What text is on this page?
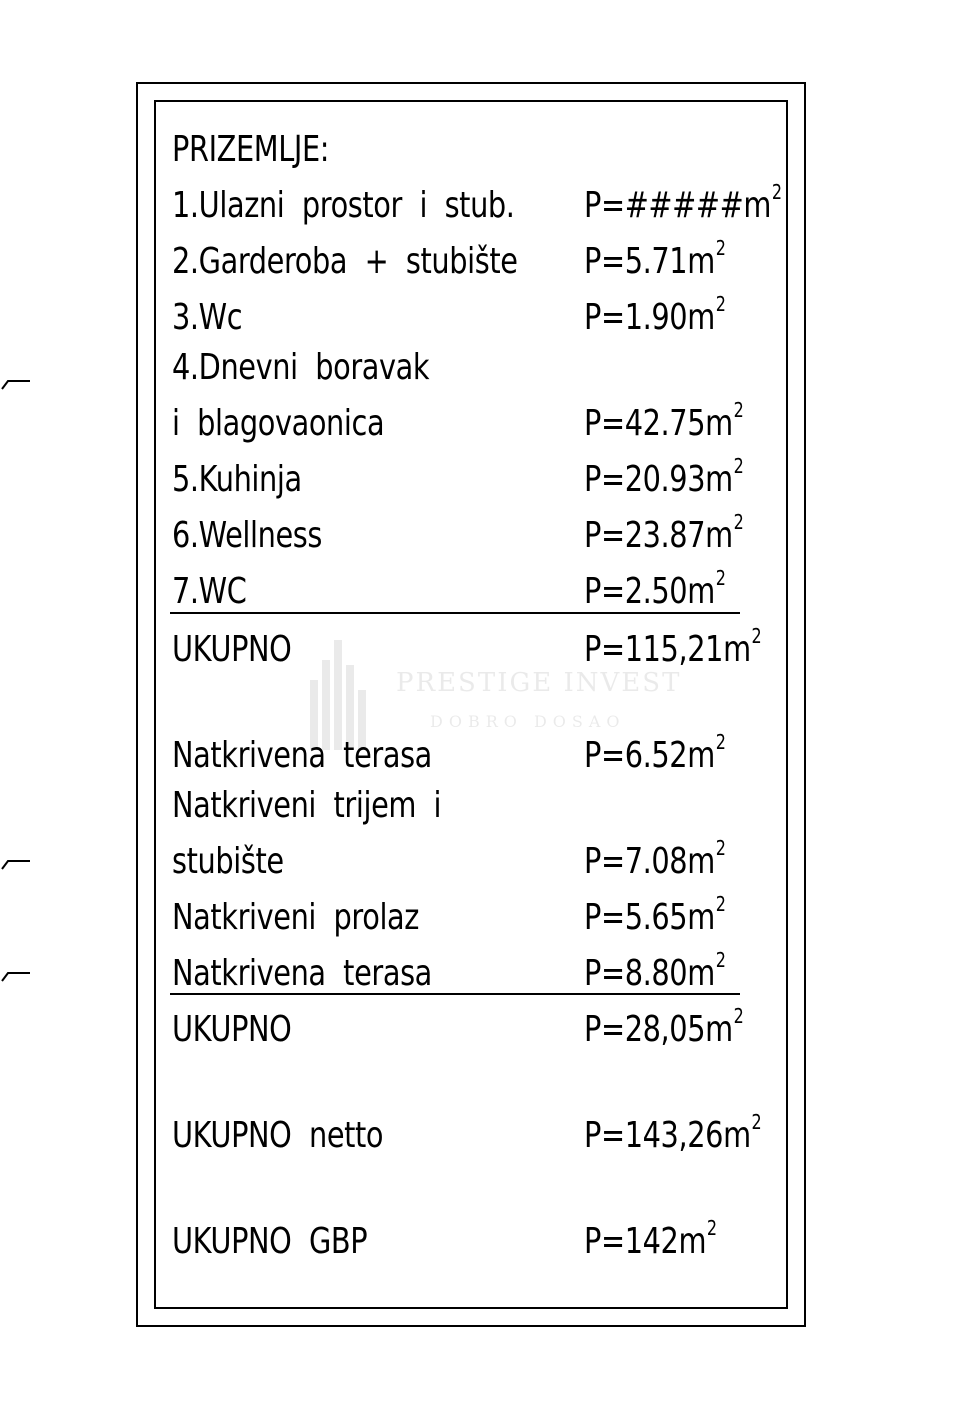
PRESTIGE INVEST
DOBRO DOSAO
PRIZEMLJE:
1.Ulazni  prostor  i  stub. $P=\#\#\#\#\#m^2$
2.Garderoba  +  stubište $P=5.71m^2$
3.Wc	$P=1.90m^2$
4.Dnevni  boravak
i  blagovaonica	$P=42.75m^2$
5.Kuhinja	$P=20.93m^2$
6.Wellness	$P=23.87m^2$
7.WC	$P=2.50m^2$
UKUPNO	$P=115,21m^2$
Natkrivena  terasa	$P=6.52m^2$
Natkriveni  trijem  i
stubište	$P=7.08m^2$
Natkriveni  prolaz	$P=5.65m^2$
Natkrivena  terasa	$P=8.80m^2$
UKUPNO	$P=28,05m^2$
UKUPNO  netto	$P=143,26m^2$
UKUPNO  GBP	$P=142m^2$
